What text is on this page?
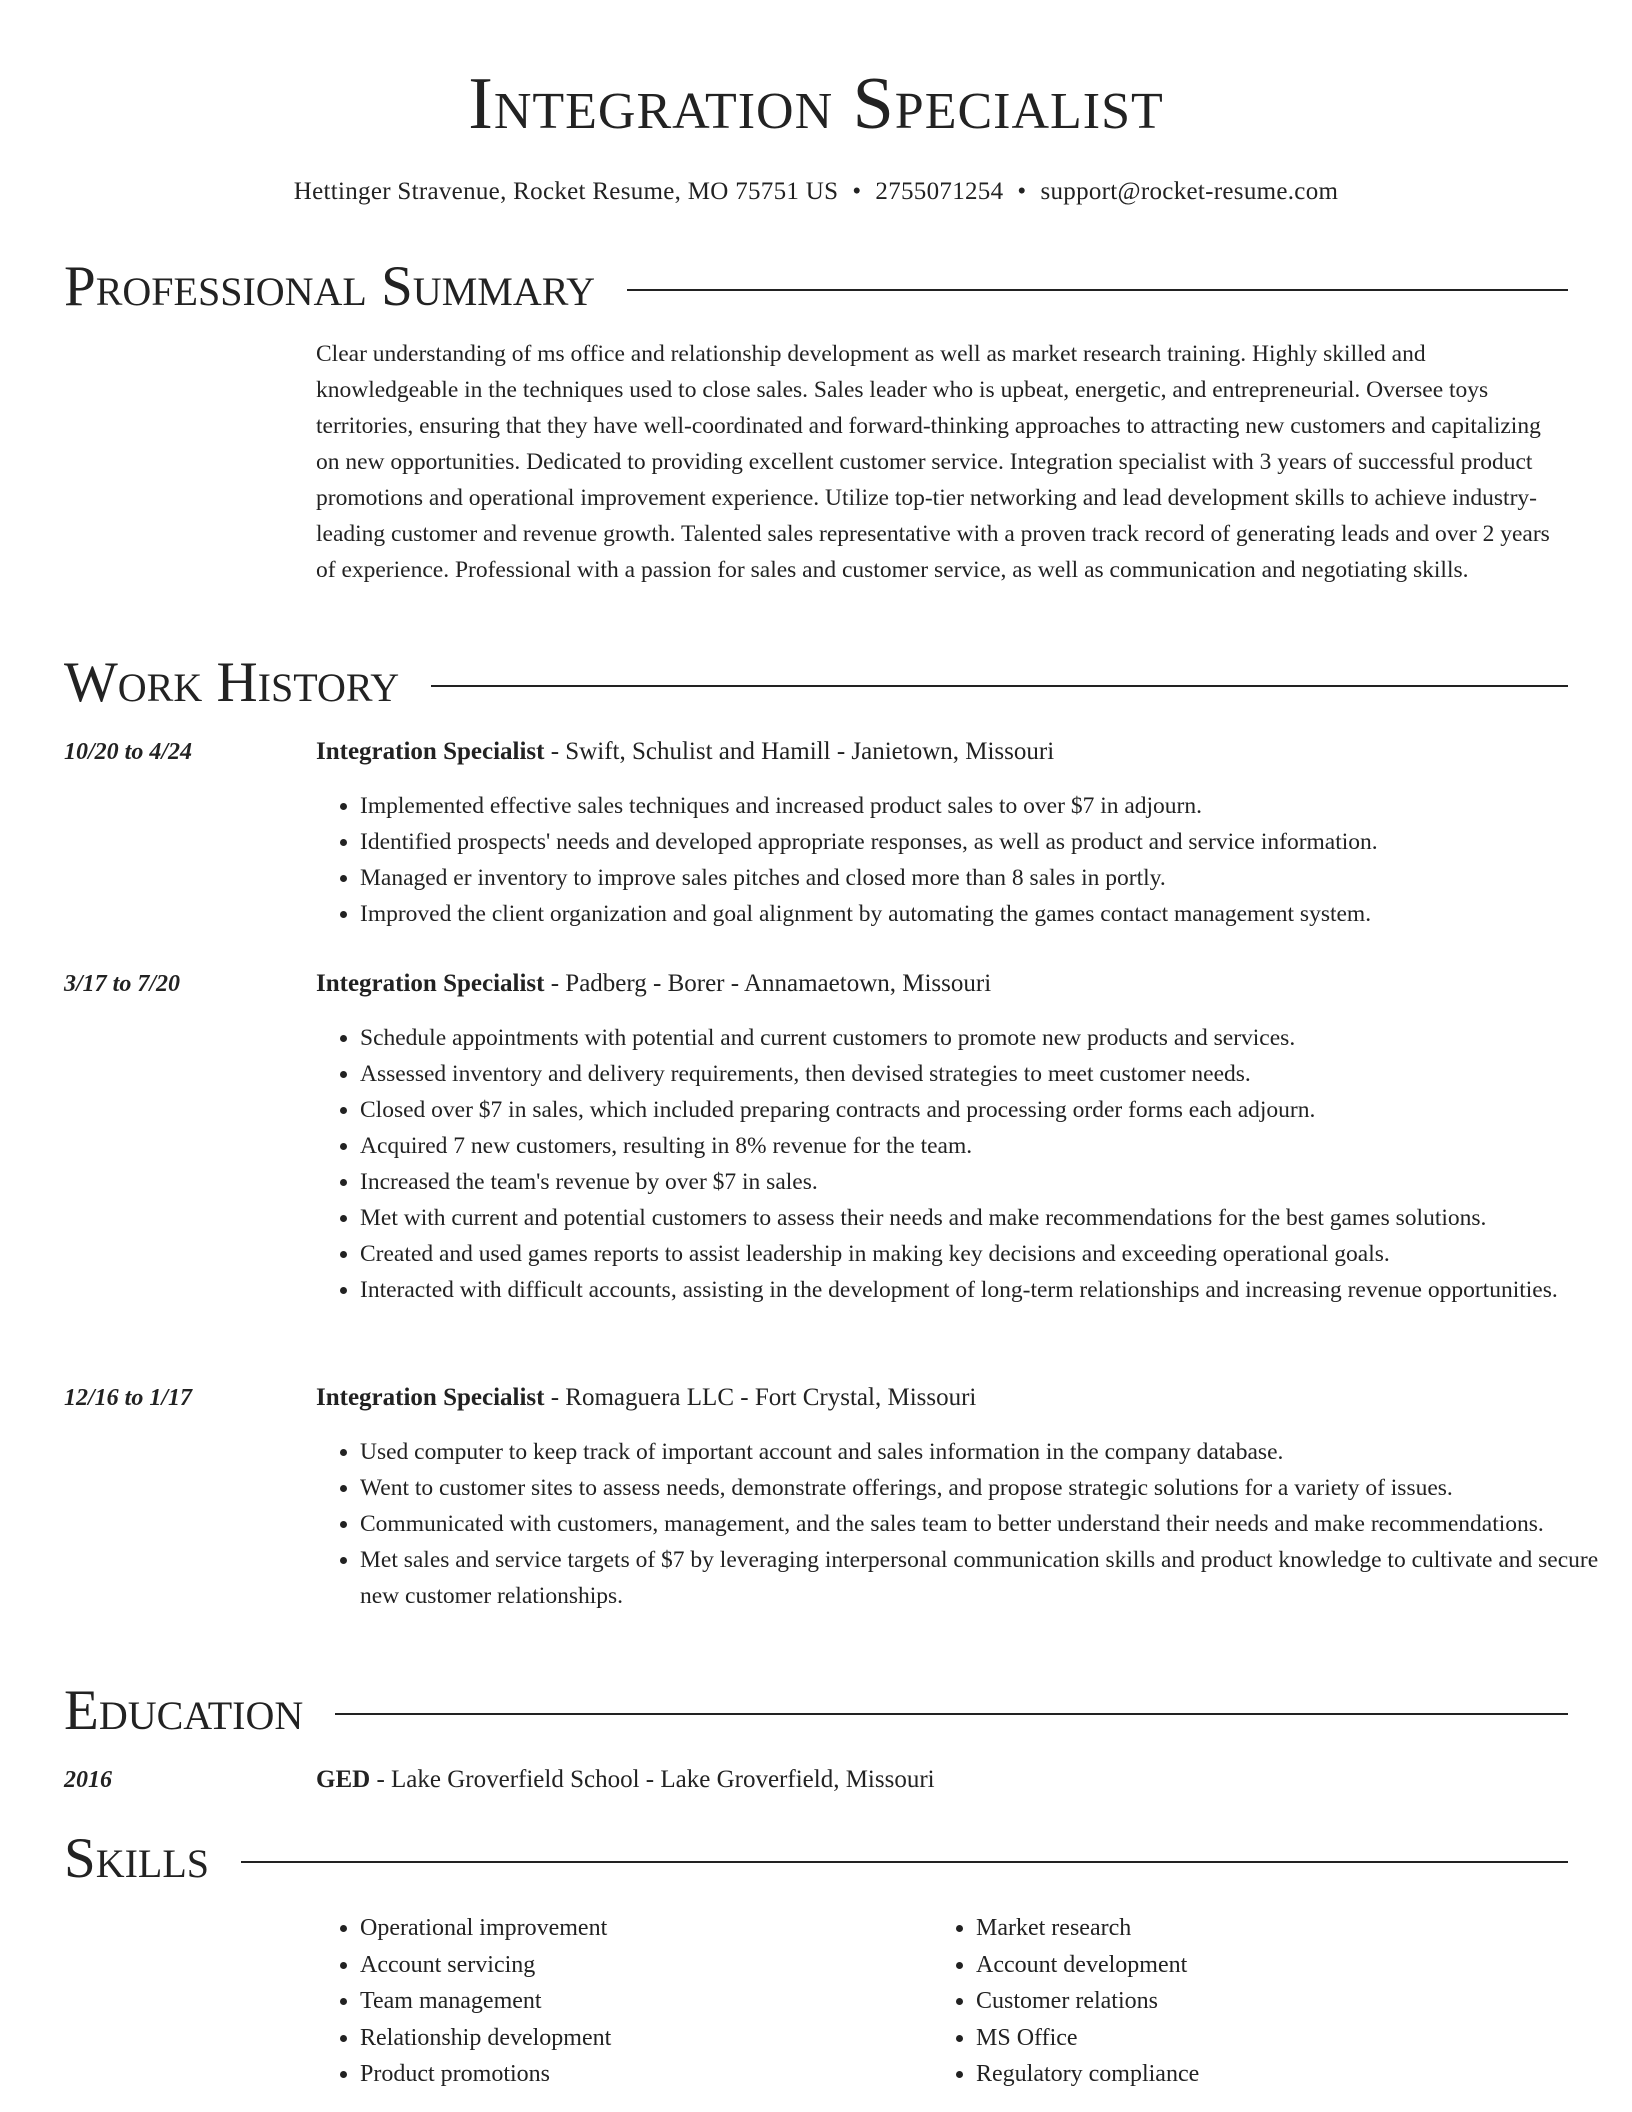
Integration Specialist
Hettinger Stravenue, Rocket Resume, MO 75751 US • 2755071254 • support@rocket-resume.com
Professional Summary

Clear understanding of ms office and relationship development as well as market research training. Highly skilled and knowledgeable in the techniques used to close sales. Sales leader who is upbeat, energetic, and entrepreneurial. Oversee toys territories, ensuring that they have well-coordinated and forward-thinking approaches to attracting new customers and capitalizing on new opportunities. Dedicated to providing excellent customer service. Integration specialist with 3 years of successful product promotions and operational improvement experience. Utilize top-tier networking and lead development skills to achieve industry-leading customer and revenue growth. Talented sales representative with a proven track record of generating leads and over 2 years of experience. Professional with a passion for sales and customer service, as well as communication and negotiating skills.

Work History
10/20 to 4/24	Integration Specialist - Swift, Schulist and Hamill - Janietown, Missouri
• Implemented effective sales techniques and increased product sales to over $7 in adjourn.
• Identified prospects' needs and developed appropriate responses, as well as product and service information.
• Managed er inventory to improve sales pitches and closed more than 8 sales in portly.
• Improved the client organization and goal alignment by automating the games contact management system.
3/17 to 7/20	Integration Specialist - Padberg - Borer - Annamaetown, Missouri
• Schedule appointments with potential and current customers to promote new products and services.
• Assessed inventory and delivery requirements, then devised strategies to meet customer needs.
• Closed over $7 in sales, which included preparing contracts and processing order forms each adjourn.
• Acquired 7 new customers, resulting in 8% revenue for the team.
• Increased the team's revenue by over $7 in sales.
• Met with current and potential customers to assess their needs and make recommendations for the best games solutions.
• Created and used games reports to assist leadership in making key decisions and exceeding operational goals.
• Interacted with difficult accounts, assisting in the development of long-term relationships and increasing revenue opportunities.
12/16 to 1/17	Integration Specialist - Romaguera LLC - Fort Crystal, Missouri
• Used computer to keep track of important account and sales information in the company database.
• Went to customer sites to assess needs, demonstrate offerings, and propose strategic solutions for a variety of issues.
• Communicated with customers, management, and the sales team to better understand their needs and make recommendations.
• Met sales and service targets of $7 by leveraging interpersonal communication skills and product knowledge to cultivate and secure new customer relationships.
Education
2016	GED - Lake Groverfield School - Lake Groverfield, Missouri
Skills
• Operational improvement
• Account servicing
• Team management
• Relationship development
• Product promotions
• Market research
• Account development
• Customer relations
• MS Office
• Regulatory compliance
